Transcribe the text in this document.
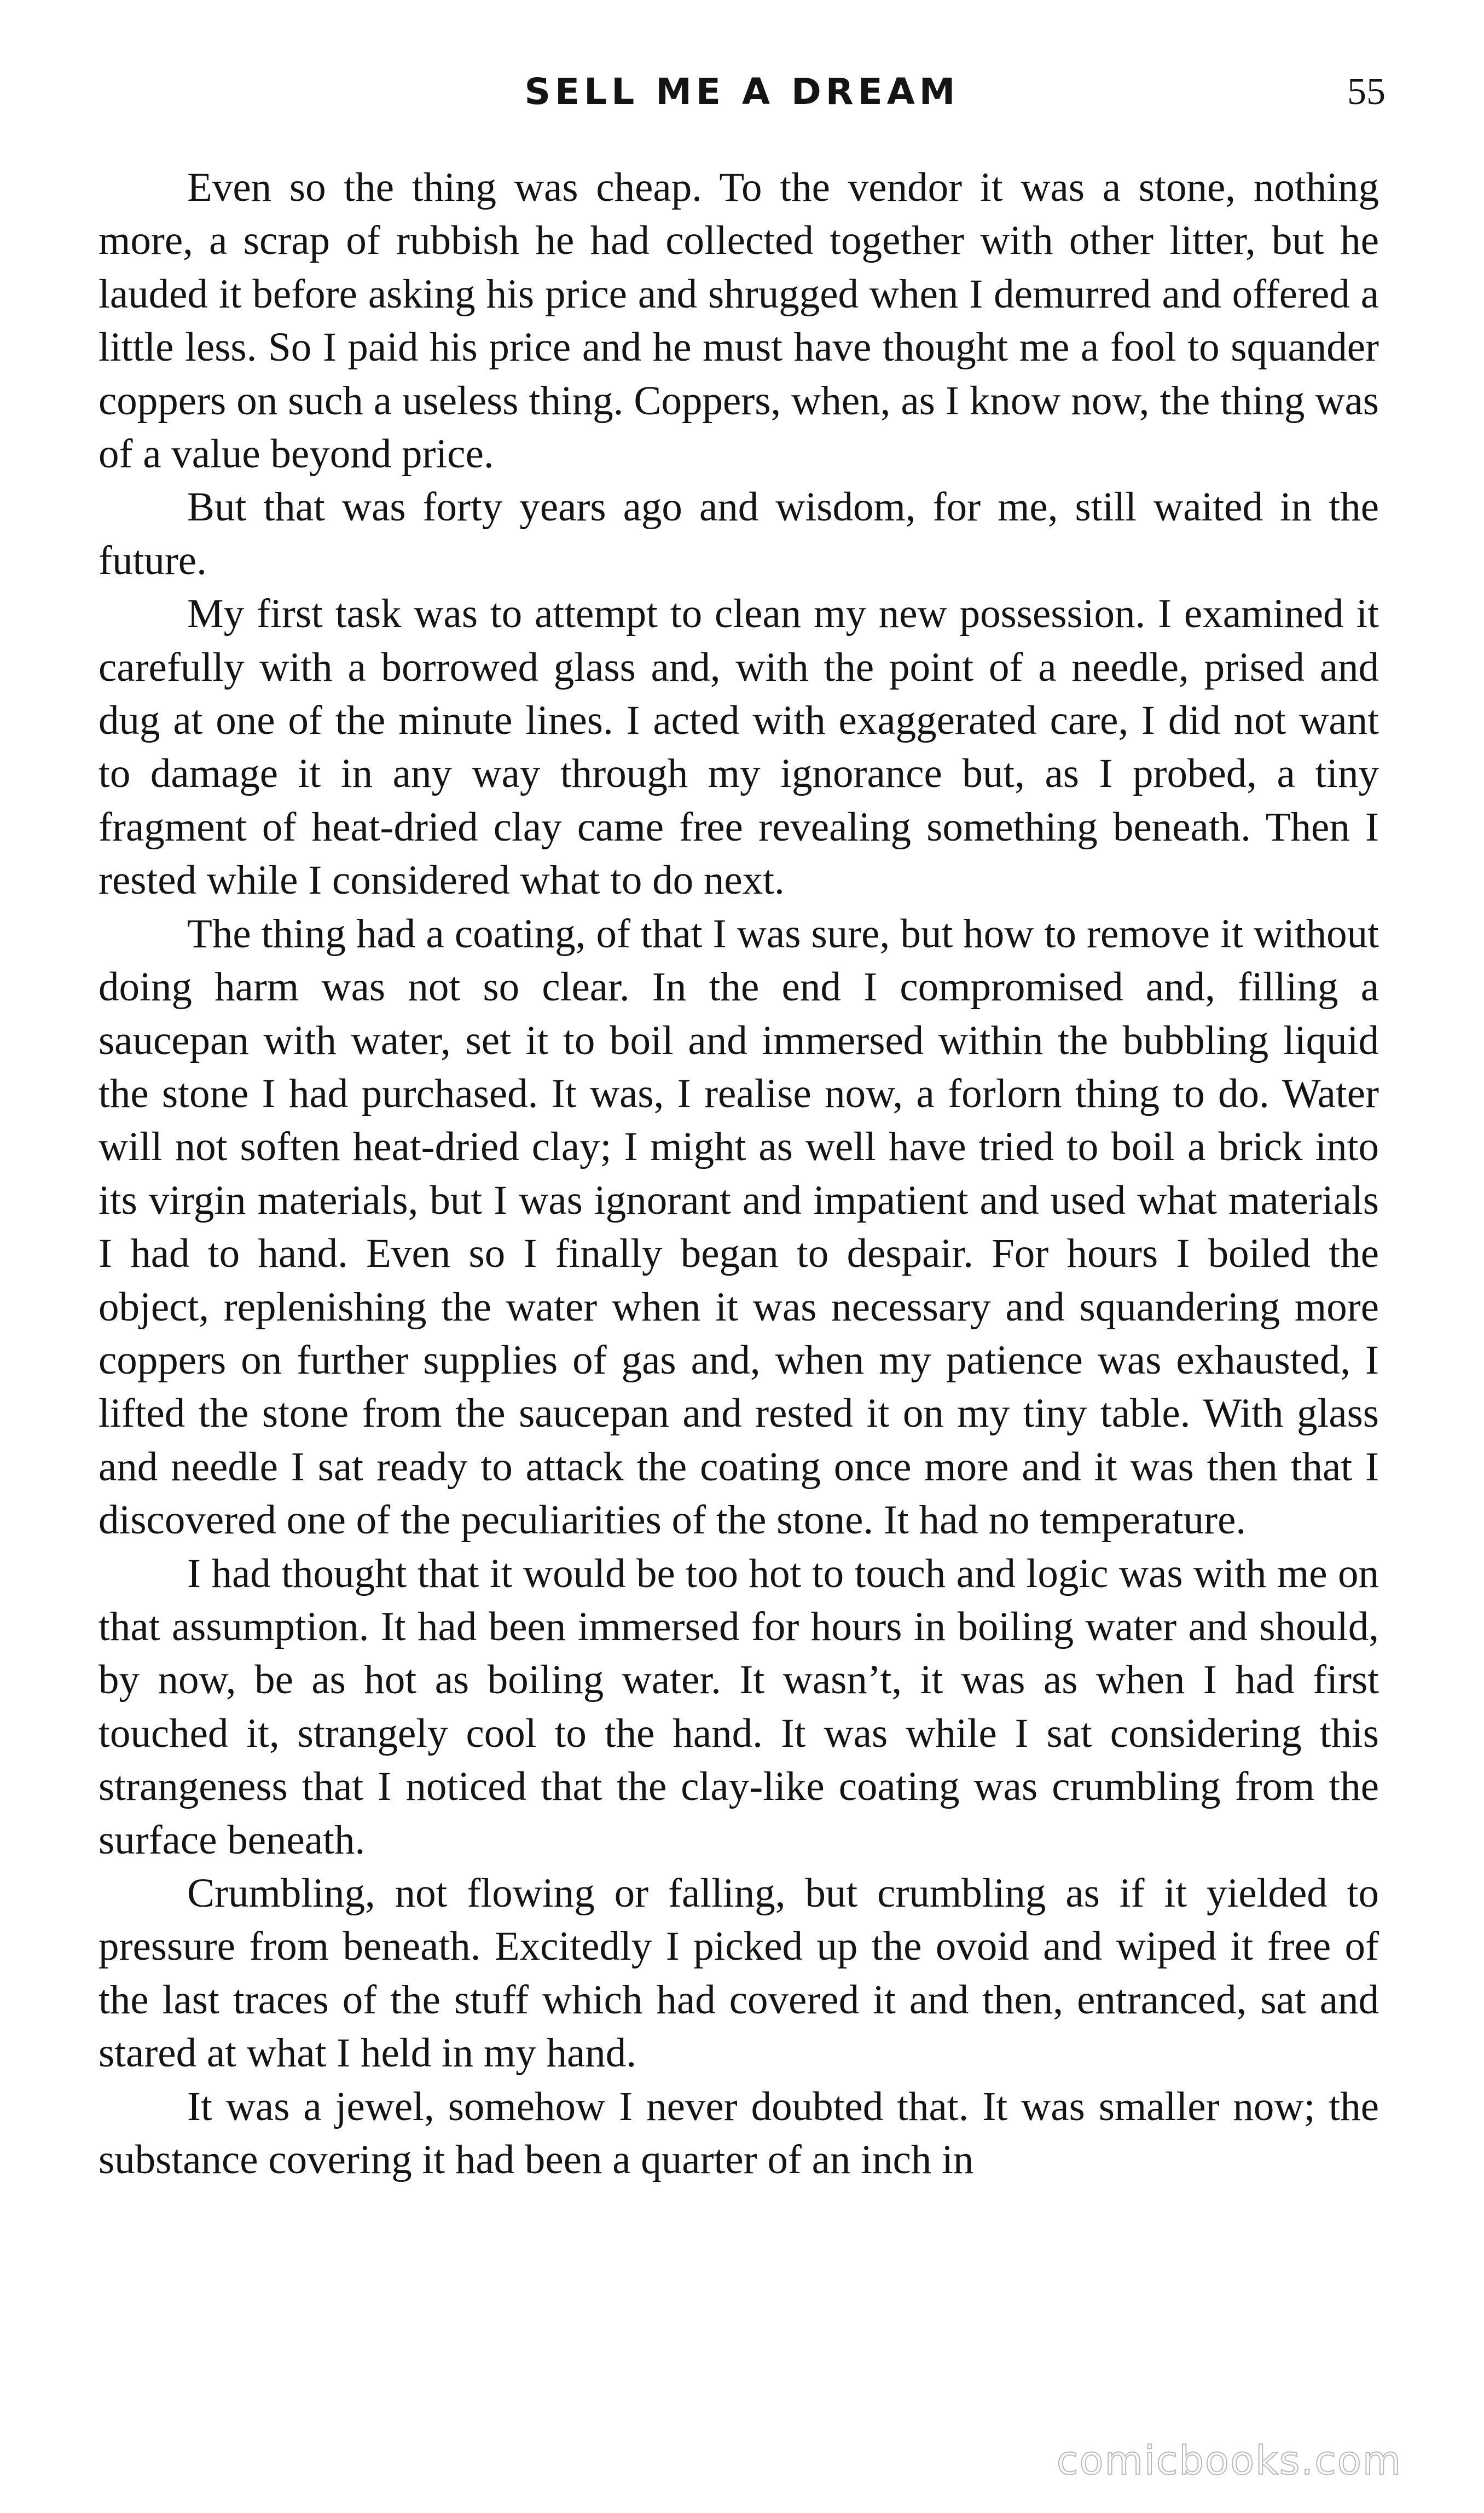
SELL ME A DREAM	55

Even so the thing was cheap. To the vendor it was a stone, nothing more, a scrap of rubbish he had collected together with other litter, but he lauded it before asking his price and shrugged when I demurred and offered a little less. So I paid his price and he must have thought me a fool to squander coppers on such a useless thing. Coppers, when, as I know now, the thing was of a value beyond price.

But that was forty years ago and wisdom, for me, still waited in the future.

My first task was to attempt to clean my new possession. I examined it carefully with a borrowed glass and, with the point of a needle, prised and dug at one of the minute lines. I acted with exaggerated care, I did not want to damage it in any way through my ignorance but, as I probed, a tiny fragment of heat-dried clay came free revealing something beneath. Then I rested while I considered what to do next.

The thing had a coating, of that I was sure, but how to remove it without doing harm was not so clear. In the end I compromised and, filling a saucepan with water, set it to boil and immersed within the bubbling liquid the stone I had purchased. It was, I realise now, a forlorn thing to do. Water will not soften heat-dried clay; I might as well have tried to boil a brick into its virgin materials, but I was ignorant and impatient and used what materials I had to hand. Even so I finally began to despair. For hours I boiled the object, replenishing the water when it was necessary and squandering more coppers on further supplies of gas and, when my patience was exhausted, I lifted the stone from the saucepan and rested it on my tiny table. With glass and needle I sat ready to attack the coating once more and it was then that I discovered one of the peculiarities of the stone. It had no temperature.

I had thought that it would be too hot to touch and logic was with me on that assumption. It had been immersed for hours in boiling water and should, by now, be as hot as boiling water. It wasn’t, it was as when I had first touched it, strangely cool to the hand. It was while I sat considering this strangeness that I noticed that the clay-like coating was crumbling from the surface beneath.

Crumbling, not flowing or falling, but crumbling as if it yielded to pressure from beneath. Excitedly I picked up the ovoid and wiped it free of the last traces of the stuff which had covered it and then, entranced, sat and stared at what I held in my hand.

It was a jewel, somehow I never doubted that. It was smaller now; the substance covering it had been a quarter of an inch in

comicbooks.com
